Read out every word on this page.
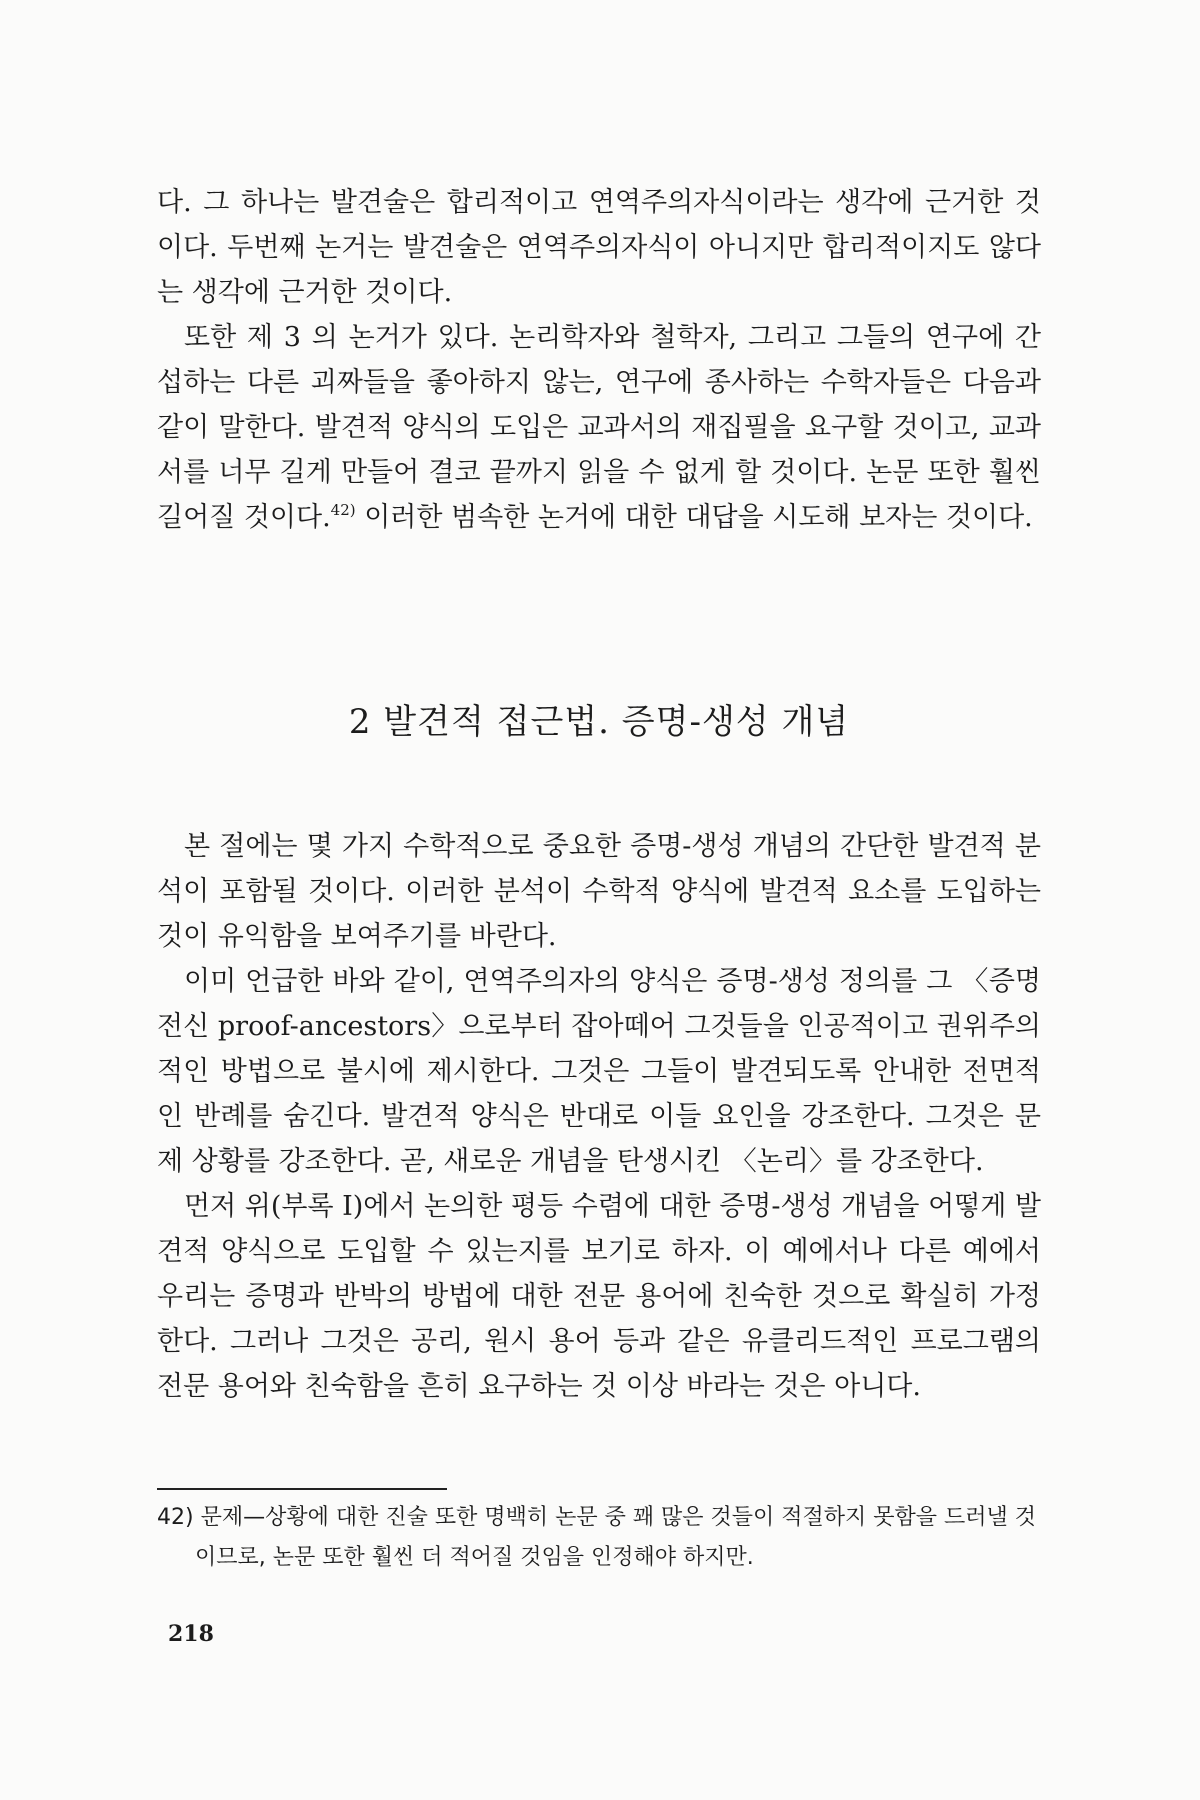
다. 그 하나는 발견술은 합리적이고 연역주의자식이라는 생각에 근거한 것이다. 두번째 논거는 발견술은 연역주의자식이 아니지만 합리적이지도 않다는 생각에 근거한 것이다.

또한 제 3 의 논거가 있다. 논리학자와 철학자, 그리고 그들의 연구에 간섭하는 다른 괴짜들을 좋아하지 않는, 연구에 종사하는 수학자들은 다음과 같이 말한다. 발견적 양식의 도입은 교과서의 재집필을 요구할 것이고, 교과서를 너무 길게 만들어 결코 끝까지 읽을 수 없게 할 것이다. 논문 또한 훨씬 길어질 것이다.$^{42)}$ 이러한 범속한 논거에 대한 대답을 시도해 보자는 것이다.

2 발견적 접근법. 증명-생성 개념

본 절에는 몇 가지 수학적으로 중요한 증명-생성 개념의 간단한 발견적 분석이 포함될 것이다. 이러한 분석이 수학적 양식에 발견적 요소를 도입하는 것이 유익함을 보여주기를 바란다.

이미 언급한 바와 같이, 연역주의자의 양식은 증명-생성 정의를 그 〈증명 전신 proof-ancestors〉으로부터 잡아떼어 그것들을 인공적이고 권위주의적인 방법으로 불시에 제시한다. 그것은 그들이 발견되도록 안내한 전면적인 반례를 숨긴다. 발견적 양식은 반대로 이들 요인을 강조한다. 그것은 문제 상황를 강조한다. 곧, 새로운 개념을 탄생시킨 〈논리〉를 강조한다.

먼저 위(부록 I)에서 논의한 평등 수렴에 대한 증명-생성 개념을 어떻게 발견적 양식으로 도입할 수 있는지를 보기로 하자. 이 예에서나 다른 예에서 우리는 증명과 반박의 방법에 대한 전문 용어에 친숙한 것으로 확실히 가정한다. 그러나 그것은 공리, 원시 용어 등과 같은 유클리드적인 프로그램의 전문 용어와 친숙함을 흔히 요구하는 것 이상 바라는 것은 아니다.

42) 문제—상황에 대한 진술 또한 명백히 논문 중 꽤 많은 것들이 적절하지 못함을 드러낼 것
이므로, 논문 또한 훨씬 더 적어질 것임을 인정해야 하지만.
218
